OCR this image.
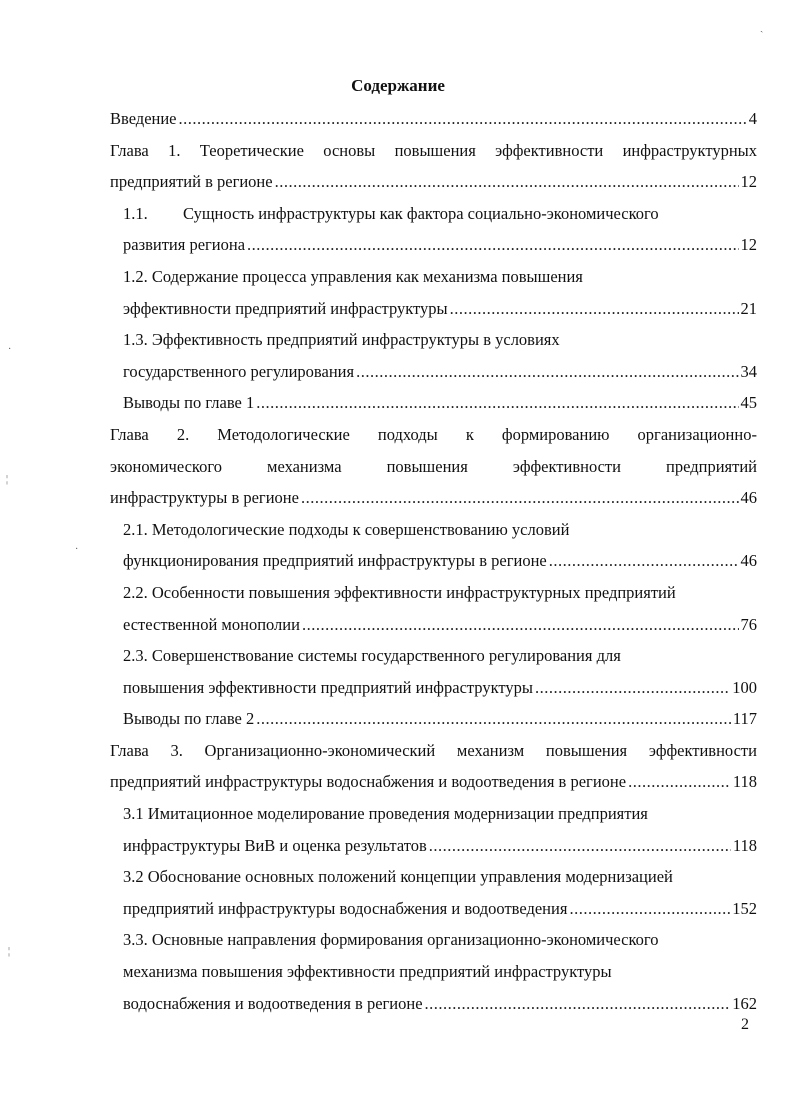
Содержание
Введение .....	4
Глава 1. Теоретические основы повышения эффективности инфраструктурных
предприятий в регионе .....	12
1.1.	Сущность инфраструктуры как фактора социально-экономического
развития региона .....	12
1.2. Содержание процесса управления как механизма повышения
эффективности предприятий инфраструктуры .....	21
1.3. Эффективность предприятий инфраструктуры в условиях
государственного регулирования .....	34
Выводы по главе 1 .....	45
Глава 2. Методологические подходы к формированию организационно-
экономического	механизма	повышения	эффективности	предприятий
инфраструктуры в регионе .....	46
2.1. Методологические подходы к совершенствованию условий
функционирования предприятий инфраструктуры в регионе .....	46
2.2. Особенности повышения эффективности инфраструктурных предприятий
естественной монополии .....	76
2.3. Совершенствование системы государственного регулирования для
повышения эффективности предприятий инфраструктуры .....	100
Выводы по главе 2 .....	117
Глава 3. Организационно-экономический механизм повышения эффективности
предприятий инфраструктуры водоснабжения и водоотведения в регионе .....	118
3.1 Имитационное моделирование проведения модернизации предприятия
инфраструктуры ВиВ и оценка результатов .....	118
3.2 Обоснование основных положений концепции управления модернизацией
предприятий инфраструктуры водоснабжения и водоотведения .....	152
3.3. Основные направления формирования организационно-экономического
механизма повышения эффективности предприятий инфраструктуры
водоснабжения и водоотведения в регионе .....	162
2
ˎ
·
¦
·
¦
